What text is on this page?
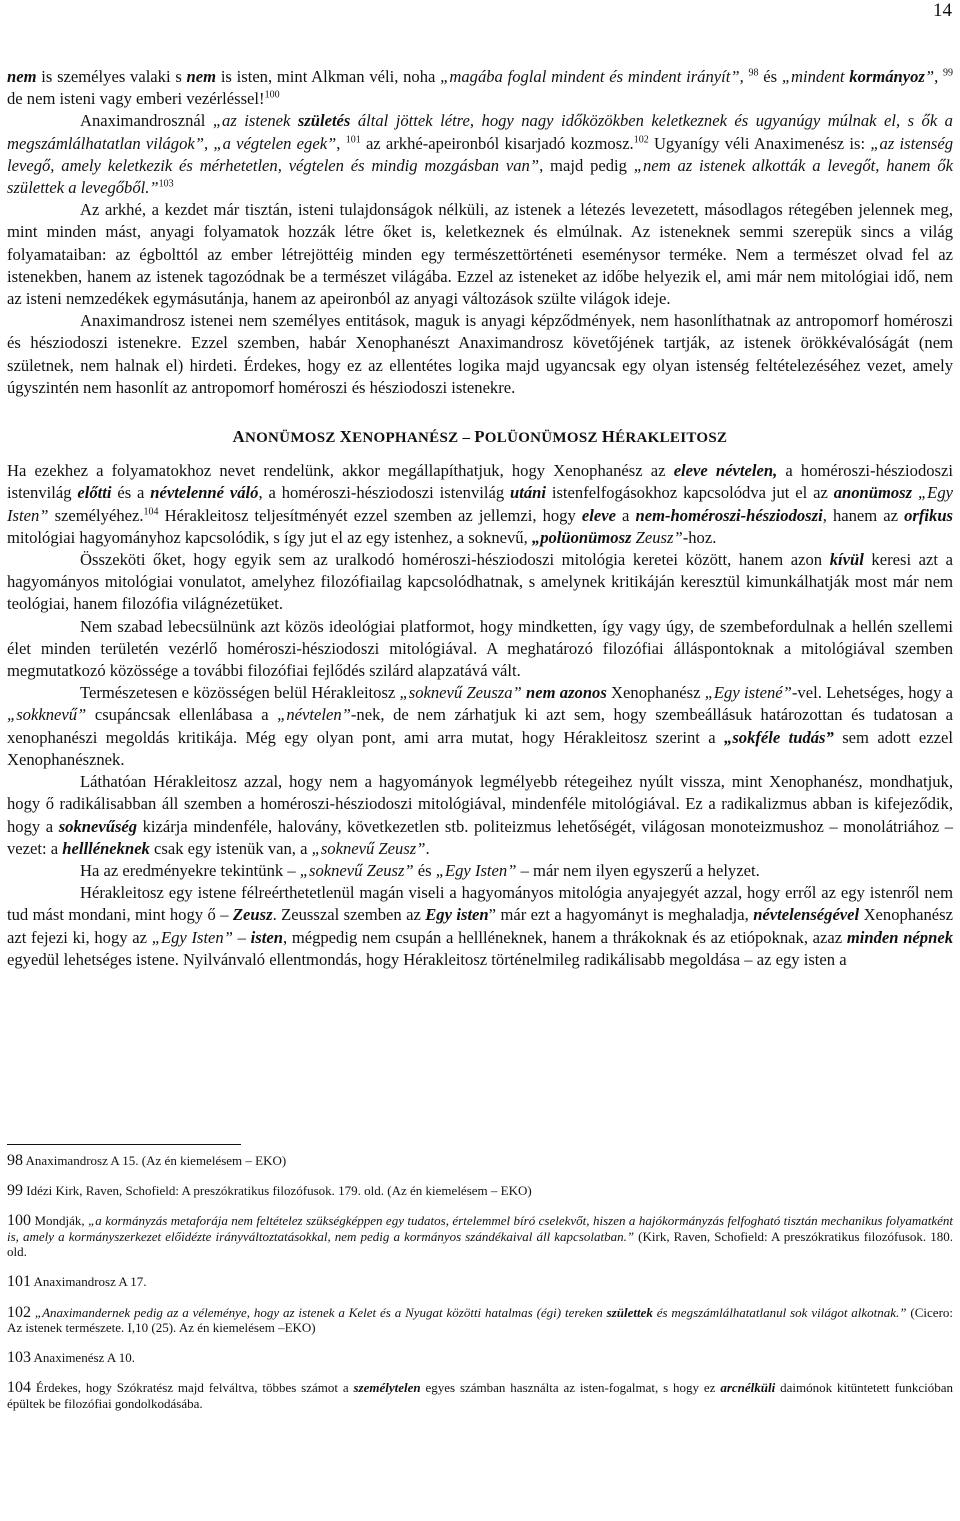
14

nem is személyes valaki s nem is isten, mint Alkman véli, noha „magába foglal mindent és mindent irányít”, $^{98}$ és „mindent kormányoz”, $^{99}$ de nem isteni vagy emberi vezérléssel!$^{100}$

Anaximandrosznál „az istenek születés által jöttek létre, hogy nagy időközökben keletkeznek és ugyanúgy múlnak el, s ők a megszámlálhatatlan világok”, „a végtelen egek”, $^{101}$ az arkhé-apeironból kisarjadó kozmosz.$^{102}$ Ugyanígy véli Anaximenész is: „az istenség levegő, amely keletkezik és mérhetetlen, végtelen és mindig mozgásban van”, majd pedig „nem az istenek alkották a levegőt, hanem ők születtek a levegőből.”$^{103}$

Az arkhé, a kezdet már tisztán, isteni tulajdonságok nélküli, az istenek a létezés levezetett, másodlagos rétegében jelennek meg, mint minden mást, anyagi folyamatok hozzák létre őket is, keletkeznek és elmúlnak. Az isteneknek semmi szerepük sincs a világ folyamataiban: az égbolttól az ember létrejöttéig minden egy természettörténeti eseménysor terméke. Nem a természet olvad fel az istenekben, hanem az istenek tagozódnak be a természet világába. Ezzel az isteneket az időbe helyezik el, ami már nem mitológiai idő, nem az isteni nemzedékek egymásutánja, hanem az apeironból az anyagi változások szülte világok ideje.

Anaximandrosz istenei nem személyes entitások, maguk is anyagi képződmények, nem hasonlíthatnak az antropomorf homéroszi és hésziodoszi istenekre. Ezzel szemben, habár Xenophanészt Anaximandrosz követőjének tartják, az istenek örökkévalóságát (nem születnek, nem halnak el) hirdeti. Érdekes, hogy ez az ellentétes logika majd ugyancsak egy olyan istenség feltételezéséhez vezet, amely úgyszintén nem hasonlít az antropomorf homéroszi és hésziodoszi istenekre.

ANONÜMOSZ XENOPHANÉSZ – POLÜONÜMOSZ HÉRAKLEITOSZ

Ha ezekhez a folyamatokhoz nevet rendelünk, akkor megállapíthatjuk, hogy Xenophanész az eleve névtelen, a homéroszi-hésziodoszi istenvilág előtti és a névtelenné váló, a homéroszi-hésziodoszi istenvilág utáni istenfelfogásokhoz kapcsolódva jut el az anonümosz „Egy Isten” személyéhez.$^{104}$ Hérakleitosz teljesítményét ezzel szemben az jellemzi, hogy eleve a nem-homéroszi-hésziodoszi, hanem az orfikus mitológiai hagyományhoz kapcsolódik, s így jut el az egy istenhez, a soknevű, „polüonümosz Zeusz”-hoz.

Összeköti őket, hogy egyik sem az uralkodó homéroszi-hésziodoszi mitológia keretei között, hanem azon kívül keresi azt a hagyományos mitológiai vonulatot, amelyhez filozófiailag kapcsolódhatnak, s amelynek kritikáján keresztül kimunkálhatják most már nem teológiai, hanem filozófia világnézetüket.

Nem szabad lebecsülnünk azt közös ideológiai platformot, hogy mindketten, így vagy úgy, de szembefordulnak a hellén szellemi élet minden területén vezérlő homéroszi-hésziodoszi mitológiával. A meghatározó filozófiai álláspontoknak a mitológiával szemben megmutatkozó közössége a további filozófiai fejlődés szilárd alapzatává vált.

Természetesen e közösségen belül Hérakleitosz „soknevű Zeusza” nem azonos Xenophanész „Egy istené”-vel. Lehetséges, hogy a „sokknevű” csupáncsak ellenlábasa a „névtelen”-nek, de nem zárhatjuk ki azt sem, hogy szembeállásuk határozottan és tudatosan a xenophanészi megoldás kritikája. Még egy olyan pont, ami arra mutat, hogy Hérakleitosz szerint a „sokféle tudás” sem adott ezzel Xenophanésznek.

Láthatóan Hérakleitosz azzal, hogy nem a hagyományok legmélyebb rétegeihez nyúlt vissza, mint Xenophanész, mondhatjuk, hogy ő radikálisabban áll szemben a homéroszi-hésziodoszi mitológiával, mindenféle mitológiával. Ez a radikalizmus abban is kifejeződik, hogy a soknevűség kizárja mindenféle, halovány, következetlen stb. politeizmus lehetőségét, világosan monoteizmushoz – monolátriához – vezet: a hellléneknek csak egy istenük van, a „soknevű Zeusz”.

Ha az eredményekre tekintünk – „soknevű Zeusz” és „Egy Isten” – már nem ilyen egyszerű a helyzet.

Hérakleitosz egy istene félreérthetetlenül magán viseli a hagyományos mitológia anyajegyét azzal, hogy erről az egy istenről nem tud mást mondani, mint hogy ő – Zeusz. Zeusszal szemben az Egy isten” már ezt a hagyományt is meghaladja, névtelenségével Xenophanész azt fejezi ki, hogy az „Egy Isten” – isten, mégpedig nem csupán a hellléneknek, hanem a thrákoknak és az etiópoknak, azaz minden népnek egyedül lehetséges istene. Nyilvánvaló ellentmondás, hogy Hérakleitosz történelmileg radikálisabb megoldása – az egy isten a

98 Anaximandrosz A 15. (Az én kiemelésem – EKO)

99 Idézi Kirk, Raven, Schofield: A preszókratikus filozófusok. 179. old. (Az én kiemelésem – EKO)

100 Mondják, „a kormányzás metaforája nem feltételez szükségképpen egy tudatos, értelemmel bíró cselekvőt, hiszen a hajókormányzás felfogható tisztán mechanikus folyamatként is, amely a kormányszerkezet előidézte irányváltoztatásokkal, nem pedig a kormányos szándékaival áll kapcsolatban.” (Kirk, Raven, Schofield: A preszókratikus filozófusok. 180. old.

101 Anaximandrosz A 17.

102 „Anaximandernek pedig az a véleménye, hogy az istenek a Kelet és a Nyugat közötti hatalmas (égi) tereken születtek és megszámlálhatatlanul sok világot alkotnak.” (Cicero: Az istenek természete. I,10 (25). Az én kiemelésem –EKO)

103 Anaximenész A 10.

104 Érdekes, hogy Szókratész majd felváltva, többes számot a személytelen egyes számban használta az isten-fogalmat, s hogy ez arcnélküli daimónok kitüntetett funkcióban épültek be filozófiai gondolkodásába.
